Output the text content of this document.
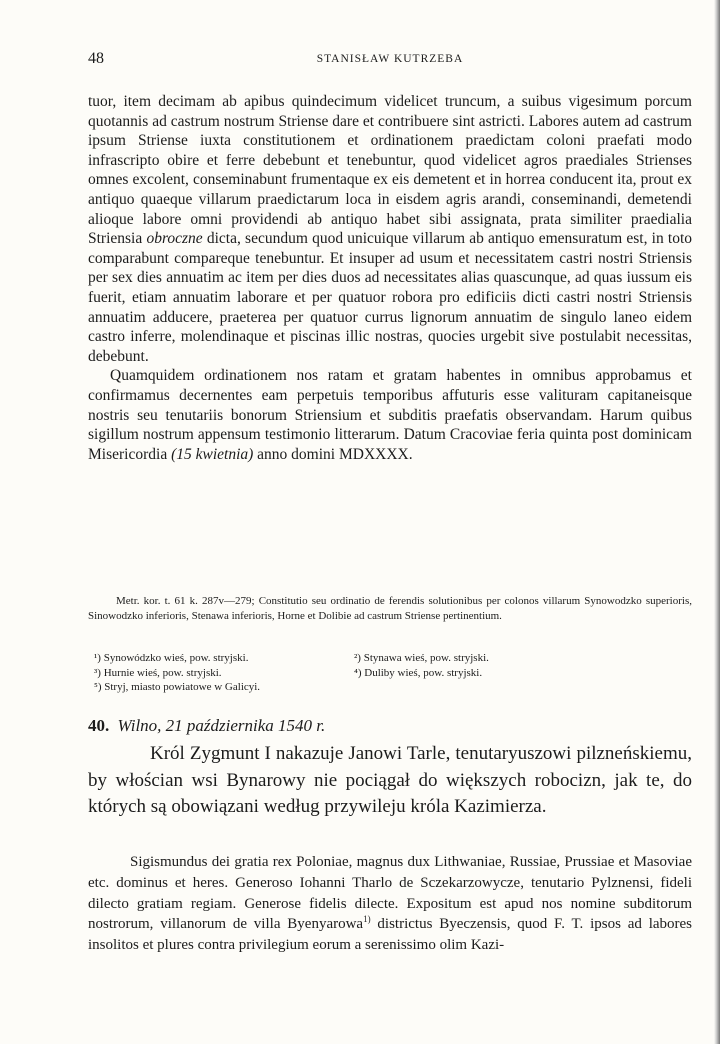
48	STANISŁAW KUTRZEBA

tuor, item decimam ab apibus quindecimum videlicet truncum, a suibus vigesimum porcum quotannis ad castrum nostrum Striense dare et contribuere sint astricti. Labores autem ad castrum ipsum Striense iuxta constitutionem et ordinationem praedictam coloni praefati modo infrascripto obire et ferre debebunt et tenebuntur, quod videlicet agros praediales Strienses omnes excolent, conseminabunt frumentaque ex eis demetent et in horrea conducent ita, prout ex antiquo quaeque villarum praedictarum loca in eisdem agris arandi, conseminandi, demetendi alioque labore omni providendi ab antiquo habet sibi assignata, prata similiter praedialia Striensia obroczne dicta, secundum quod unicuique villarum ab antiquo emensuratum est, in toto comparabunt compareque tenebuntur. Et insuper ad usum et necessitatem castri nostri Striensis per sex dies annuatim ac item per dies duos ad necessitates alias quascunque, ad quas iussum eis fuerit, etiam annuatim laborare et per quatuor robora pro edificiis dicti castri nostri Striensis annuatim adducere, praeterea per quatuor currus lignorum annuatim de singulo laneo eidem castro inferre, molendinaque et piscinas illic nostras, quocies urgebit sive postulabit necessitas, debebunt.

Quamquidem ordinationem nos ratam et gratam habentes in omnibus approbamus et confirmamus decernentes eam perpetuis temporibus affuturis esse valituram capitaneisque nostris seu tenutariis bonorum Striensium et subditis praefatis observandam. Harum quibus sigillum nostrum appensum testimonio litterarum. Datum Cracoviae feria quinta post dominicam Misericordia (15 kwietnia) anno domini MDXXXX.

Metr. kor. t. 61 k. 287v—279; Constitutio seu ordinatio de ferendis solutionibus per colonos villarum Synowodzko superioris, Sinowodzko inferioris, Stenawa inferioris, Horne et Dolibie ad castrum Striense pertinentium.

¹) Synowódzko wieś, pow. stryjski.	²) Stynawa wieś, pow. stryjski.
³) Hurnie wieś, pow. stryjski.	⁴) Duliby wieś, pow. stryjski.
⁵) Stryj, miasto powiatowe w Galicyi.

40. Wilno, 21 października 1540 r.

Król Zygmunt I nakazuje Janowi Tarle, tenutaryuszowi pilzneńskiemu, by włościan wsi Bynarowy nie pociągał do większych robocizn, jak te, do których są obowiązani według przywileju króla Kazimierza.

Sigismundus dei gratia rex Poloniae, magnus dux Lithwaniae, Russiae, Prussiae et Masoviae etc. dominus et heres. Generoso Iohanni Tharlo de Sczekarzowycze, tenutario Pylznensi, fideli dilecto gratiam regiam. Generose fidelis dilecte. Expositum est apud nos nomine subditorum nostrorum, villanorum de villa Byenyarowa$^{1)}$ districtus Byeczensis, quod F. T. ipsos ad labores insolitos et plures contra privilegium eorum a serenissimo olim Kazi-
